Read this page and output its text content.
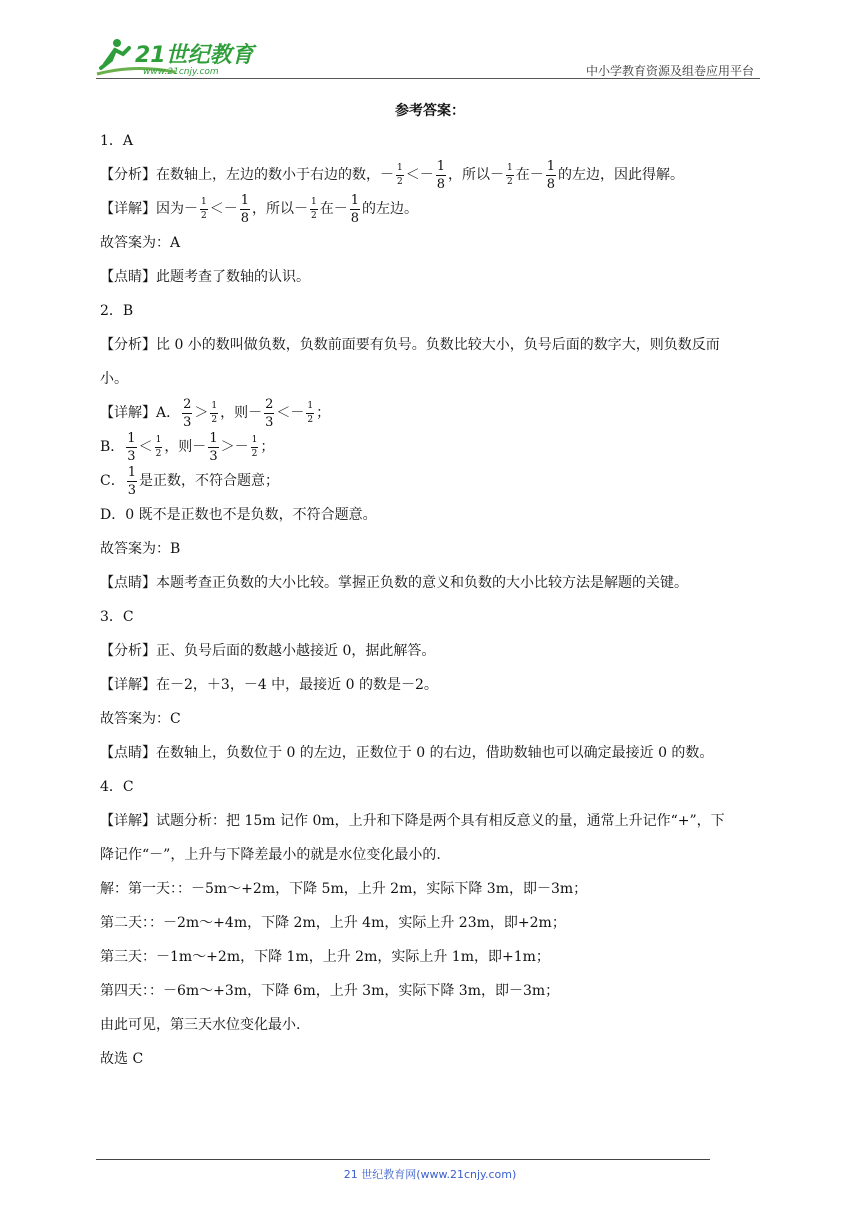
21世纪教育
www.21cnjy.com	中小学教育资源及组卷应用平台
参考答案：
1．A
【分析】在数轴上，左边的数小于右边的数，－ $\frac{1}{2} <- \frac{1}{8}$ ，所以－ $\frac{1}{2}$ 在－ $\frac{1}{8}$ 的左边，因此得解。
【详解】因为－ $\frac{1}{2} <- \frac{1}{8}$ ，所以－ $\frac{1}{2}$ 在－ $\frac{1}{8}$ 的左边。
故答案为：A
【点睛】此题考查了数轴的认识。
2．B
【分析】比 0 小的数叫做负数，负数前面要有负号。负数比较大小，负号后面的数字大，则负数反而
小。
【详解】A． $\frac{2}{3} > \frac{1}{2}$ ，则－ $\frac{2}{3} <- \frac{1}{2}$ ；
B． $\frac{1}{3} < \frac{1}{2}$ ，则－ $\frac{1}{3} >- \frac{1}{2}$ ；
C． $\frac{1}{3}$ 是正数，不符合题意；
D．0 既不是正数也不是负数，不符合题意。
故答案为：B
【点睛】本题考查正负数的大小比较。掌握正负数的意义和负数的大小比较方法是解题的关键。
3．C
【分析】正、负号后面的数越小越接近 0，据此解答。
【详解】在－2，＋3，－4 中，最接近 0 的数是－2。
故答案为：C
【点睛】在数轴上，负数位于 0 的左边，正数位于 0 的右边，借助数轴也可以确定最接近 0 的数。
4．C
【详解】试题分析：把 15m 记作 0m，上升和下降是两个具有相反意义的量，通常上升记作“+”，下
降记作“－”，上升与下降差最小的就是水位变化最小的.
解：第一天：：－5m～+2m，下降 5m，上升 2m，实际下降 3m，即－3m；
第二天：：－2m～+4m，下降 2m，上升 4m，实际上升 23m，即+2m；
第三天：－1m～+2m，下降 1m，上升 2m，实际上升 1m，即+1m；
第四天：：－6m～+3m，下降 6m，上升 3m，实际下降 3m，即－3m；
由此可见，第三天水位变化最小.
故选 C
21 世纪教育网(www.21cnjy.com)
